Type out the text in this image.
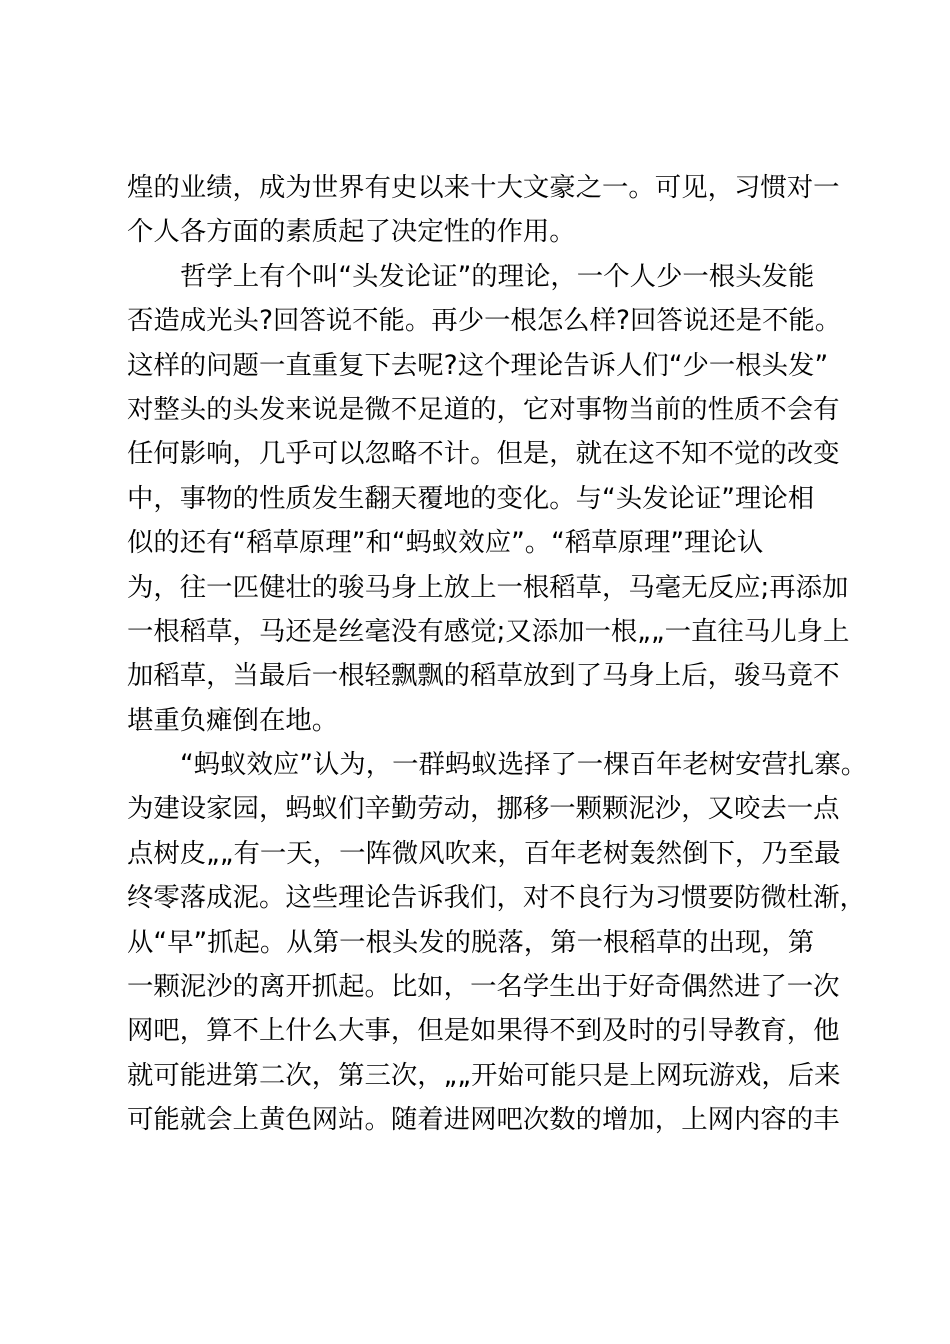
煌的业绩，成为世界有史以来十大文豪之一。可见，习惯对一
个人各方面的素质起了决定性的作用。
哲学上有个叫“头发论证”的理论，一个人少一根头发能
否造成光头?回答说不能。再少一根怎么样?回答说还是不能。
这样的问题一直重复下去呢?这个理论告诉人们“少一根头发”
对整头的头发来说是微不足道的，它对事物当前的性质不会有
任何影响，几乎可以忽略不计。但是，就在这不知不觉的改变
中，事物的性质发生翻天覆地的变化。与“头发论证”理论相
似的还有“稻草原理”和“蚂蚁效应”。“稻草原理”理论认
为，往一匹健壮的骏马身上放上一根稻草，马毫无反应;再添加
一根稻草，马还是丝毫没有感觉;又添加一根„„一直往马儿身上
加稻草，当最后一根轻飘飘的稻草放到了马身上后，骏马竟不
堪重负瘫倒在地。
“蚂蚁效应”认为，一群蚂蚁选择了一棵百年老树安营扎寨。
为建设家园，蚂蚁们辛勤劳动，挪移一颗颗泥沙，又咬去一点
点树皮„„有一天，一阵微风吹来，百年老树轰然倒下，乃至最
终零落成泥。这些理论告诉我们，对不良行为习惯要防微杜渐，
从“早”抓起。从第一根头发的脱落，第一根稻草的出现，第
一颗泥沙的离开抓起。比如，一名学生出于好奇偶然进了一次
网吧，算不上什么大事，但是如果得不到及时的引导教育，他
就可能进第二次，第三次，„„开始可能只是上网玩游戏，后来
可能就会上黄色网站。随着进网吧次数的增加，上网内容的丰
